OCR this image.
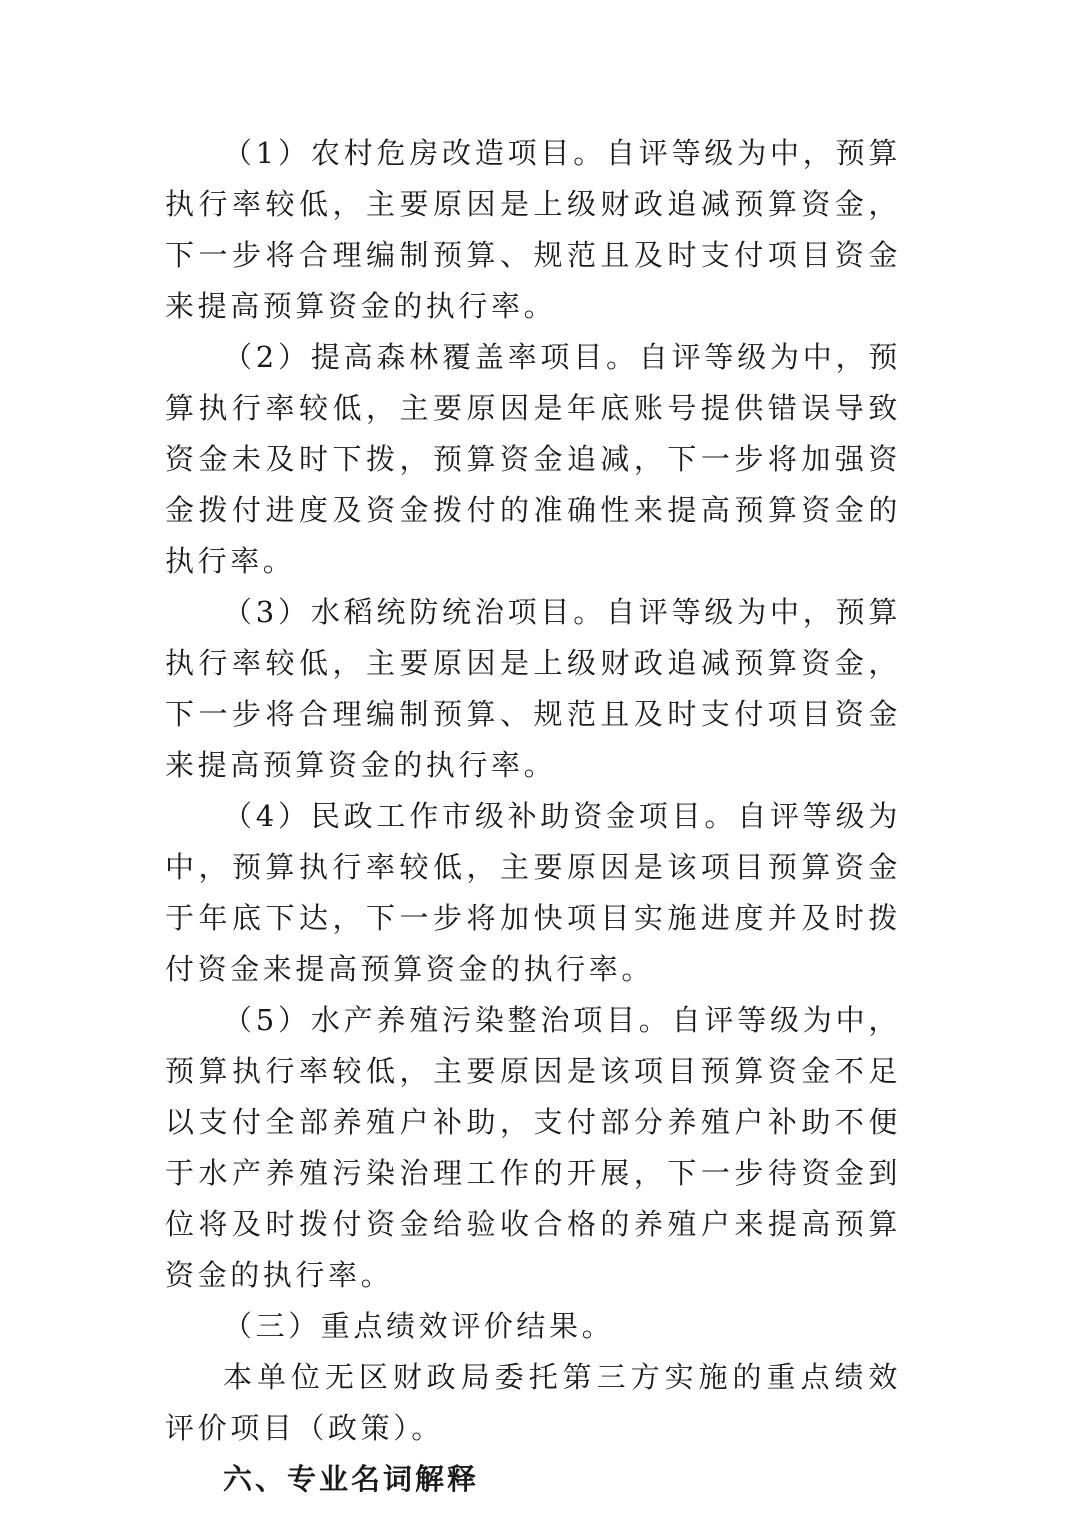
（1）农村危房改造项目。自评等级为中，预算执行率较低，主要原因是上级财政追减预算资金，下一步将合理编制预算、规范且及时支付项目资金来提高预算资金的执行率。

（2）提高森林覆盖率项目。自评等级为中，预算执行率较低，主要原因是年底账号提供错误导致资金未及时下拨，预算资金追减，下一步将加强资金拨付进度及资金拨付的准确性来提高预算资金的执行率。

（3）水稻统防统治项目。自评等级为中，预算执行率较低，主要原因是上级财政追减预算资金，下一步将合理编制预算、规范且及时支付项目资金来提高预算资金的执行率。

（4）民政工作市级补助资金项目。自评等级为中，预算执行率较低，主要原因是该项目预算资金于年底下达，下一步将加快项目实施进度并及时拨付资金来提高预算资金的执行率。

（5）水产养殖污染整治项目。自评等级为中，预算执行率较低，主要原因是该项目预算资金不足以支付全部养殖户补助，支付部分养殖户补助不便于水产养殖污染治理工作的开展，下一步待资金到位将及时拨付资金给验收合格的养殖户来提高预算资金的执行率。

（三）重点绩效评价结果。

本单位无区财政局委托第三方实施的重点绩效评价项目（政策）。

六、专业名词解释
